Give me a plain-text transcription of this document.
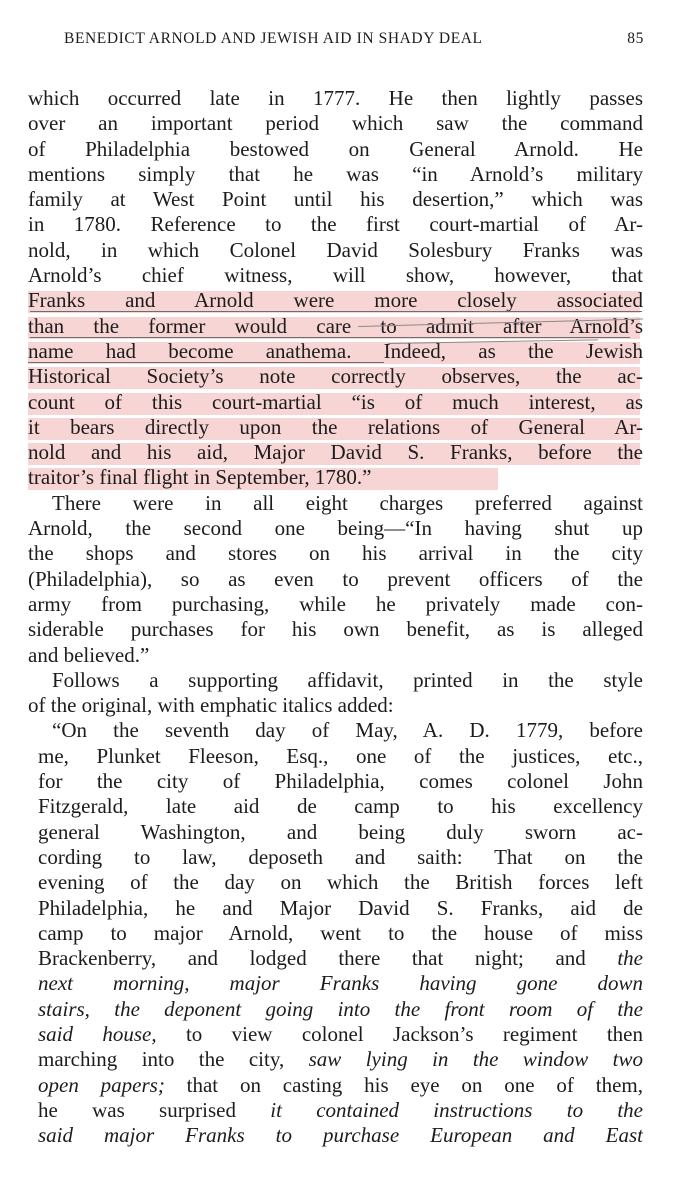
BENEDICT ARNOLD AND JEWISH AID IN SHADY DEAL	85
which occurred late in 1777. He then lightly passes
over an important period which saw the command
of Philadelphia bestowed on General Arnold. He
mentions simply that he was “in Arnold’s military
family at West Point until his desertion,” which was
in 1780. Reference to the first court-martial of Ar-
nold, in which Colonel David Solesbury Franks was
Arnold’s chief witness, will show, however, that
Franks and Arnold were more closely associated
than the former would care to admit after Arnold’s
name had become anathema. Indeed, as the Jewish
Historical Society’s note correctly observes, the ac-
count of this court-martial “is of much interest, as
it bears directly upon the relations of General Ar-
nold and his aid, Major David S. Franks, before the
traitor’s final flight in September, 1780.”
There were in all eight charges preferred against
Arnold, the second one being—“In having shut up
the shops and stores on his arrival in the city
(Philadelphia), so as even to prevent officers of the
army from purchasing, while he privately made con-
siderable purchases for his own benefit, as is alleged
and believed.”
Follows a supporting affidavit, printed in the style
of the original, with emphatic italics added:
“On the seventh day of May, A. D. 1779, before
me, Plunket Fleeson, Esq., one of the justices, etc.,
for the city of Philadelphia, comes colonel John
Fitzgerald, late aid de camp to his excellency
general Washington, and being duly sworn ac-
cording to law, deposeth and saith: That on the
evening of the day on which the British forces left
Philadelphia, he and Major David S. Franks, aid de
camp to major Arnold, went to the house of miss
Brackenberry, and lodged there that night; and the
next morning, major Franks having gone down
stairs, the deponent going into the front room of the
said house, to view colonel Jackson’s regiment then
marching into the city, saw lying in the window two
open papers; that on casting his eye on one of them,
he was surprised it contained instructions to the
said major Franks to purchase European and East
